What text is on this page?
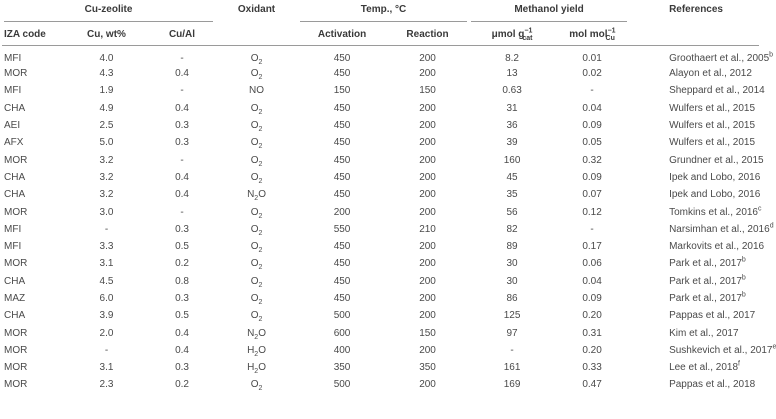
Cu-zeolite			Oxidant	Temp., °C		Methanol yield		References
IZA code	Cu, wt%	Cu/Al		Activation	Reaction	μmol $g^{-1}_{cat}$	mol mol$^{-1}_{Cu}$	
MFI	4.0	-	$O_2$	450	200	8.2	0.01	Groothaert et al., 2005$^b$
MOR	4.3	0.4	$O_2$	450	200	13	0.02	Alayon et al., 2012
MFI	1.9	-	NO	150	150	0.63	-	Sheppard et al., 2014
CHA	4.9	0.4	$O_2$	450	200	31	0.04	Wulfers et al., 2015
AEI	2.5	0.3	$O_2$	450	200	36	0.09	Wulfers et al., 2015
AFX	5.0	0.3	$O_2$	450	200	39	0.05	Wulfers et al., 2015
MOR	3.2	-	$O_2$	450	200	160	0.32	Grundner et al., 2015
CHA	3.2	0.4	$O_2$	450	200	45	0.09	Ipek and Lobo, 2016
CHA	3.2	0.4	$N_2O$	450	200	35	0.07	Ipek and Lobo, 2016
MOR	3.0	-	$O_2$	200	200	56	0.12	Tomkins et al., 2016$^c$
MFI	-	0.3	$O_2$	550	210	82	-	Narsimhan et al., 2016$^d$
MFI	3.3	0.5	$O_2$	450	200	89	0.17	Markovits et al., 2016
MOR	3.1	0.2	$O_2$	450	200	30	0.06	Park et al., 2017$^b$
CHA	4.5	0.8	$O_2$	450	200	30	0.04	Park et al., 2017$^b$
MAZ	6.0	0.3	$O_2$	450	200	86	0.09	Park et al., 2017$^b$
CHA	3.9	0.5	$O_2$	500	200	125	0.20	Pappas et al., 2017
MOR	2.0	0.4	$N_2O$	600	150	97	0.31	Kim et al., 2017
MOR	-	0.4	$H_2O$	400	200	-	0.20	Sushkevich et al., 2017e
MOR	3.1	0.3	$H_2O$	350	350	161	0.33	Lee et al., 2018$^f$
MOR	2.3	0.2	$O_2$	500	200	169	0.47	Pappas et al., 2018
